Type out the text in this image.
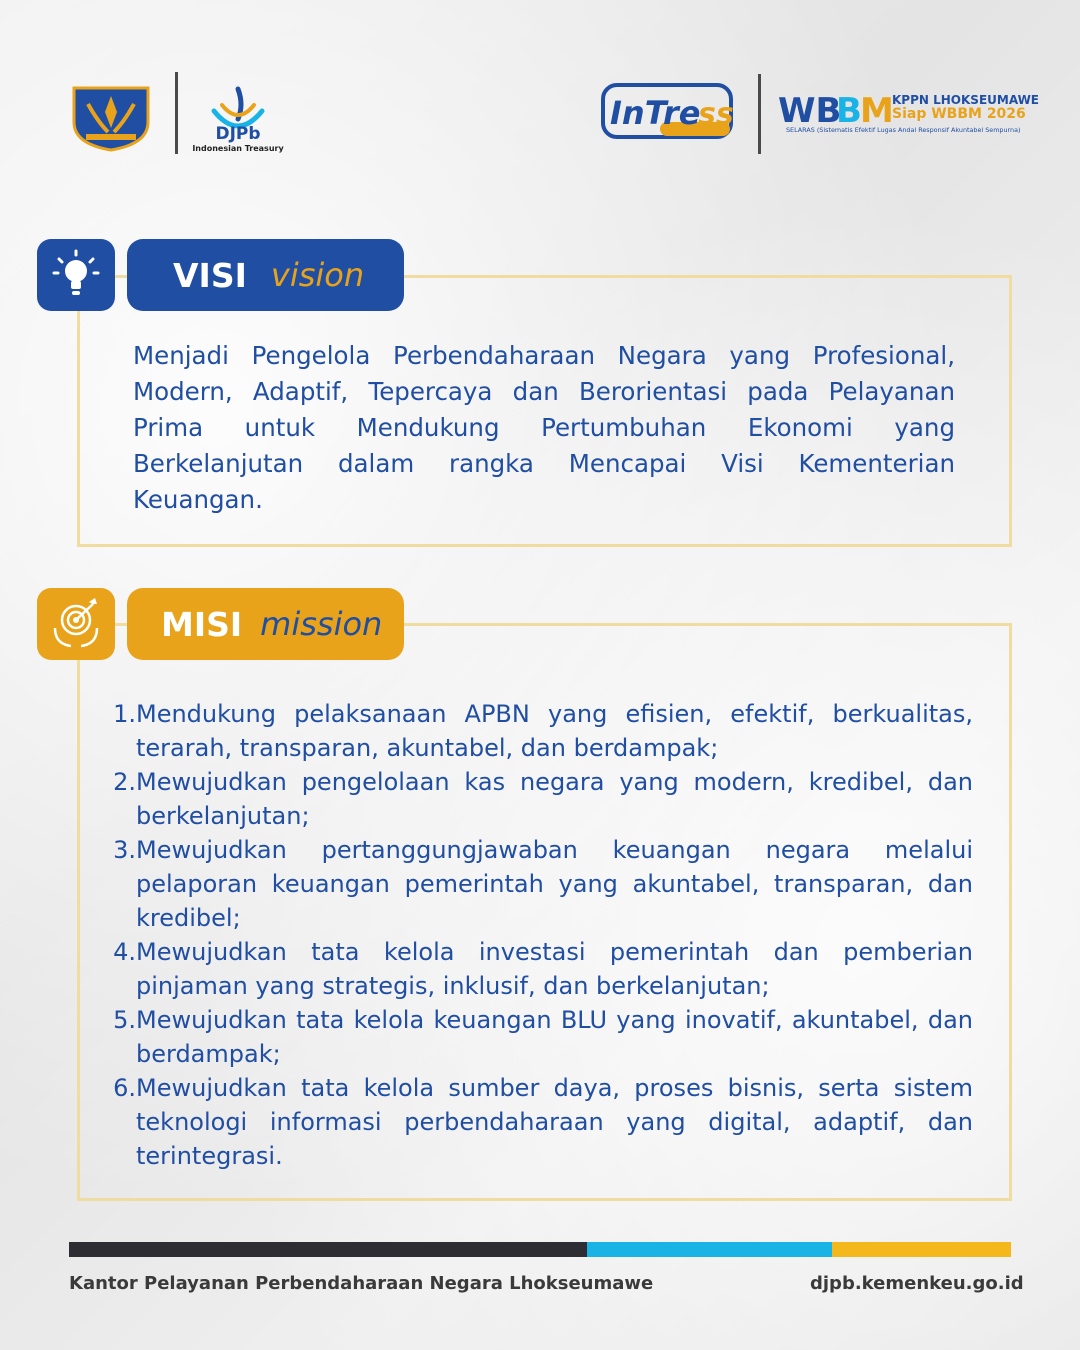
DJPb
Indonesian Treasury
InTre
ss WB
B
M
KPPN LHOKSEUMAWE
Siap WBBM 2026
SELARAS (Sistematis Efektif Lugas Andal Responsif Akuntabel Sempurna)
VISI vision
Menjadi Pengelola Perbendaharaan Negara yang Profesional, Modern, Adaptif, Tepercaya dan Berorientasi pada Pelayanan Prima untuk Mendukung Pertumbuhan Ekonomi yang Berkelanjutan dalam rangka Mencapai Visi Kementerian Keuangan.
MISI mission
1. Mendukung pelaksanaan APBN yang efisien, efektif, berkualitas, terarah, transparan, akuntabel, dan berdampak;
2. Mewujudkan pengelolaan kas negara yang modern, kredibel, dan berkelanjutan;
3. Mewujudkan pertanggungjawaban keuangan negara melalui pelaporan keuangan pemerintah yang akuntabel, transparan, dan kredibel;
4. Mewujudkan tata kelola investasi pemerintah dan pemberian pinjaman yang strategis, inklusif, dan berkelanjutan;
5. Mewujudkan tata kelola keuangan BLU yang inovatif, akuntabel, dan berdampak;
6. Mewujudkan tata kelola sumber daya, proses bisnis, serta sistem teknologi informasi perbendaharaan yang digital, adaptif, dan terintegrasi.
Kantor Pelayanan Perbendaharaan Negara Lhokseumawe	djpb.kemenkeu.go.id
